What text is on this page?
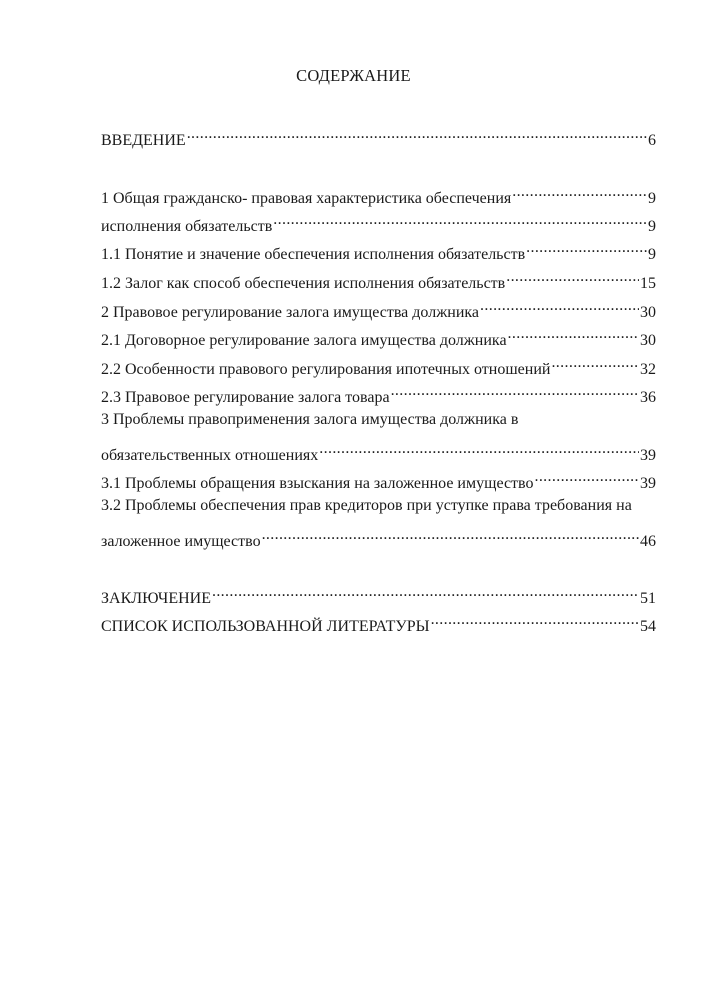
СОДЕРЖАНИЕ
ВВЕДЕНИЕ .....	6
1 Общая гражданско- правовая характеристика обеспечения .....	9
исполнения обязательств .....	9
1.1 Понятие и значение обеспечения исполнения обязательств .....	9
1.2 Залог как способ обеспечения исполнения обязательств .....	15
2 Правовое регулирование залога имущества должника .....	30
2.1 Договорное регулирование залога имущества должника .....	30
2.2 Особенности правового регулирования ипотечных отношений .....	32
2.3 Правовое регулирование залога товара .....	36
3 Проблемы правоприменения залога имущества должника в
обязательственных отношениях .....	39
3.1 Проблемы обращения взыскания на заложенное имущество .....	39
3.2 Проблемы обеспечения прав кредиторов при уступке права требования на
заложенное имущество .....	46
ЗАКЛЮЧЕНИЕ .....	51
СПИСОК ИСПОЛЬЗОВАННОЙ ЛИТЕРАТУРЫ .....	54
